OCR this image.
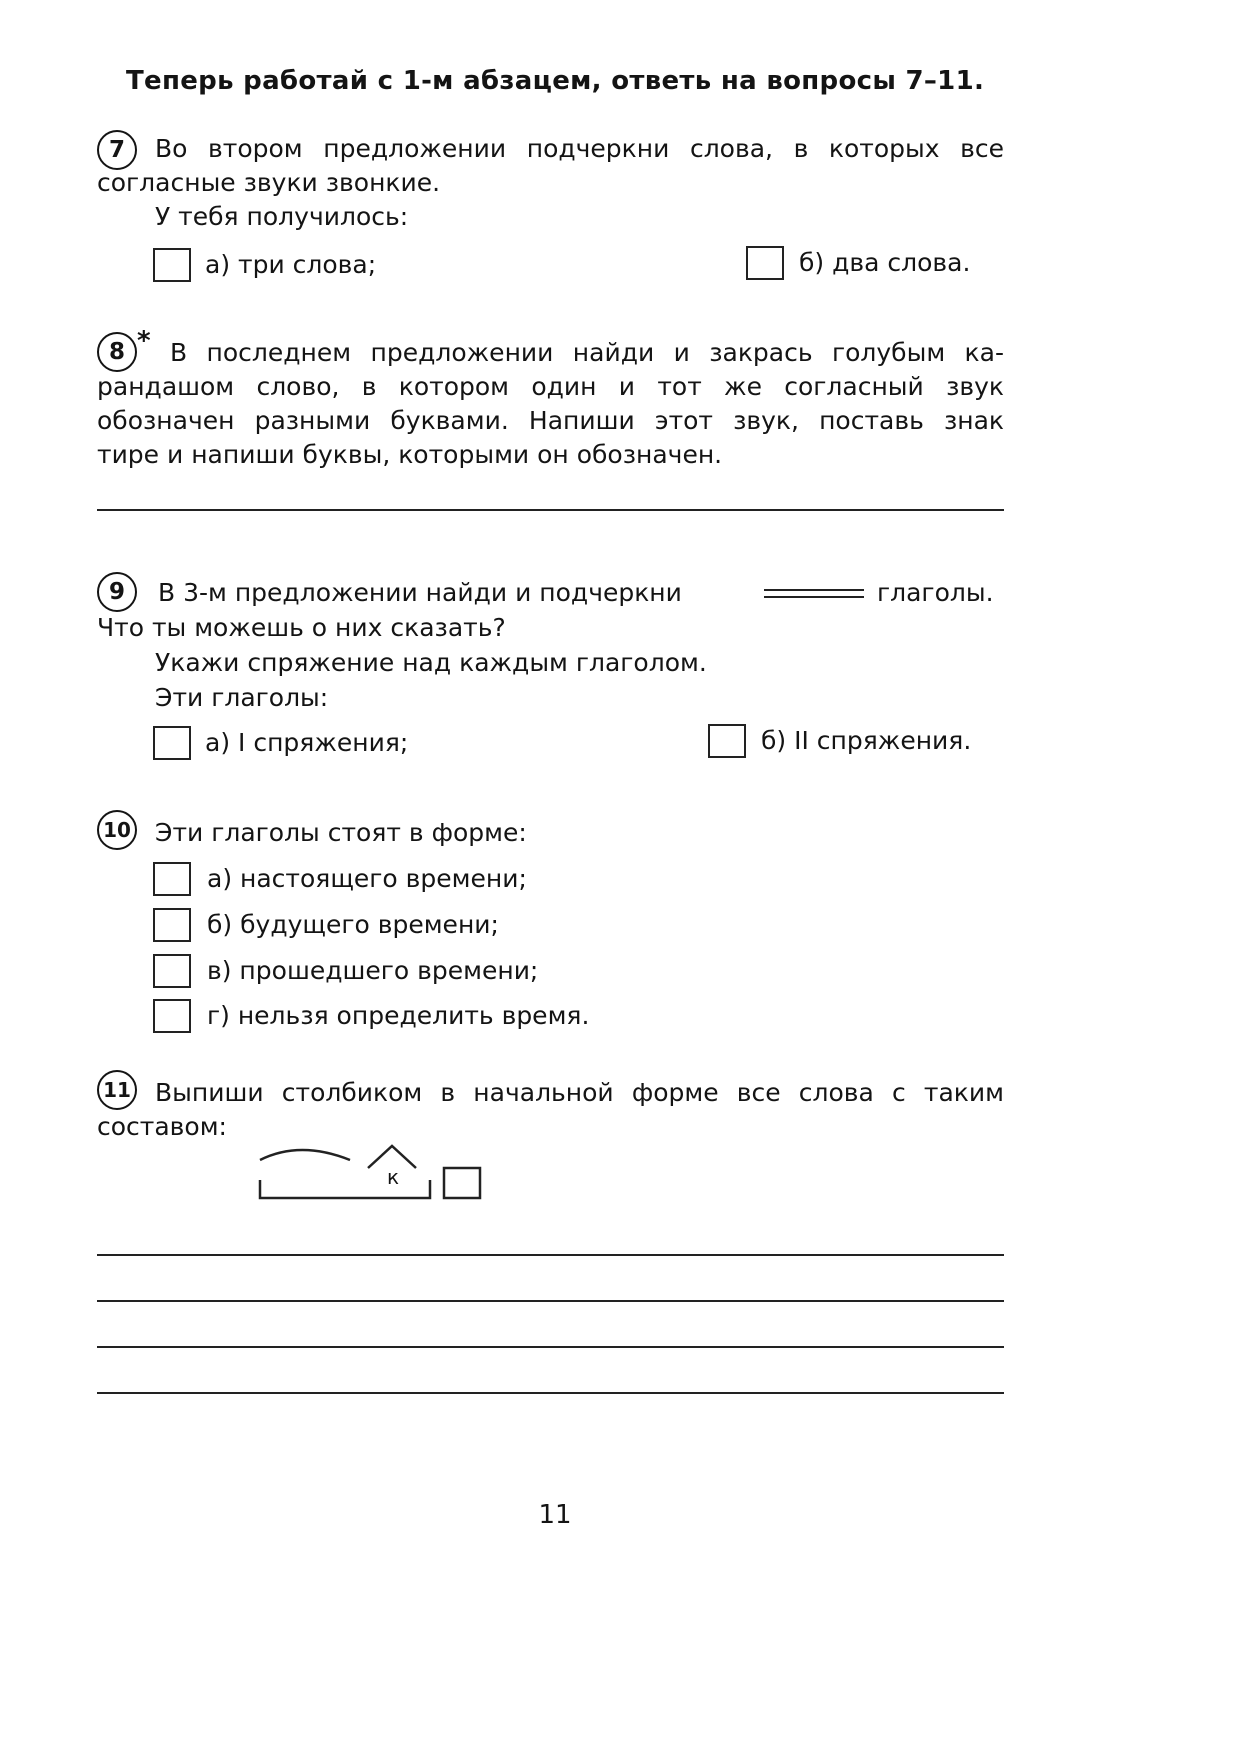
Теперь работай с 1-м абзацем, ответь на вопросы 7–11.
7	Во втором предложении подчеркни слова, в которых все
согласные звуки звонкие.
У тебя получилось:
а) три слова;	б) два слова.
8 * В последнем предложении найди и закрась голубым ка-
рандашом слово, в котором один и тот же согласный звук
обозначен разными буквами. Напиши этот звук, поставь знак
тире и напиши буквы, которыми он обозначен.
9	В 3-м предложении найди и подчеркни	глаголы.
Что ты можешь о них сказать?
Укажи спряжение над каждым глаголом.
Эти глаголы:
а) I спряжения;	б) II спряжения.
10 Эти глаголы стоят в форме:
а) настоящего времени;
б) будущего времени;
в) прошедшего времени;
г) нельзя определить время.
11 Выпиши столбиком в начальной форме все слова с таким
составом:
к
11
